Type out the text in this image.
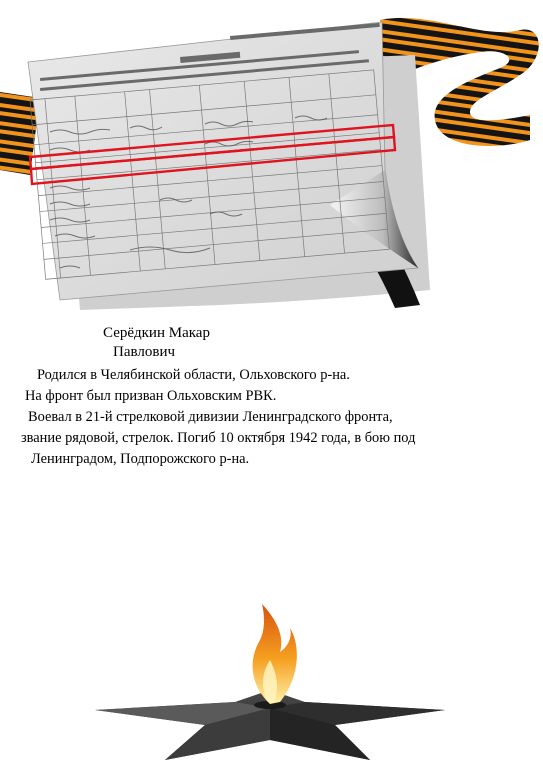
Серёдкин Макар
Павлович
Родился в Челябинской области, Ольховского р-на.
На фронт был призван Ольховским РВК.
Воевал в 21-й стрелковой дивизии Ленинградского фронта,
звание рядовой, стрелок. Погиб 10 октября 1942 года, в бою под
Ленинградом, Подпорожского р-на.
